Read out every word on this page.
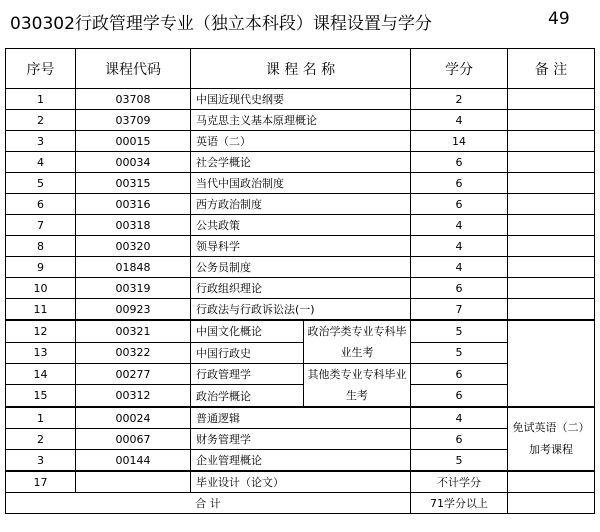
030302行政管理学专业（独立本科段）课程设置与学分	49
序号	课程代码	课 程 名 称		学分	备 注
1	03708	中国近现代史纲要		2	
2	03709	马克思主义基本原理概论		4	
3	00015	英语（二）		14	
4	00034	社会学概论		6	
5	00315	当代中国政治制度		6	
6	00316	西方政治制度		6	
7	00318	公共政策		4	
8	00320	领导科学		4	
9	01848	公务员制度		4	
10	00319	行政组织理论		6	
11	00923	行政法与行政诉讼法(一)		7	
12	00321	中国文化概论	政治学类专业专科毕业生考	5	
13	00322	中国行政史		5	
14	00277	行政管理学	其他类专业专科毕业生考	6	
15	00312	政治学概论		6	
1	00024	普通逻辑		4	免试英语（二）加考课程
2	00067	财务管理学		6	
3	00144	企业管理概论		5	
17		毕业设计（论文）		不计学分	
合 计				71学分以上	
